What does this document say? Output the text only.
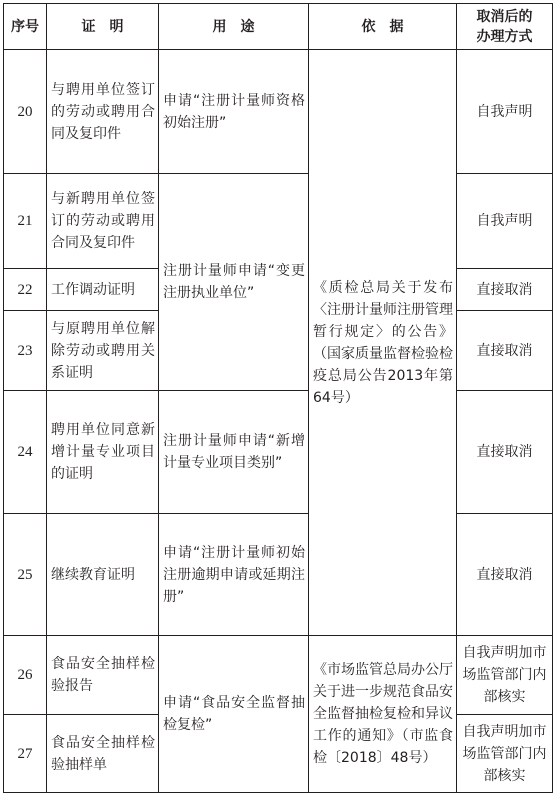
序号	证　明	用　途	依　据	取消后的
办理方式

20	与聘用单位签订的劳动或聘用合同及复印件	申请“注册计量师资格初始注册”	《质检总局关于发布〈注册计量师注册管理暂行规定〉的公告》（国家质量监督检验检疫总局公告2013年第64号）	自我声明
21	与新聘用单位签订的劳动或聘用合同及复印件	注册计量师申请“变更注册执业单位”		自我声明
22	工作调动证明			直接取消
23	与原聘用单位解除劳动或聘用关系证明			直接取消
24	聘用单位同意新增计量专业项目的证明	注册计量师申请“新增计量专业项目类别”		直接取消
25	继续教育证明	申请“注册计量师初始注册逾期申请或延期注册”		直接取消
26	食品安全抽样检验报告	申请“食品安全监督抽检复检”	《市场监管总局办公厅关于进一步规范食品安全监督抽检复检和异议工作的通知》（市监食检〔2018〕48号）	自我声明加市场监管部门内部核实
27	食品安全抽样检验抽样单			自我声明加市场监管部门内部核实
